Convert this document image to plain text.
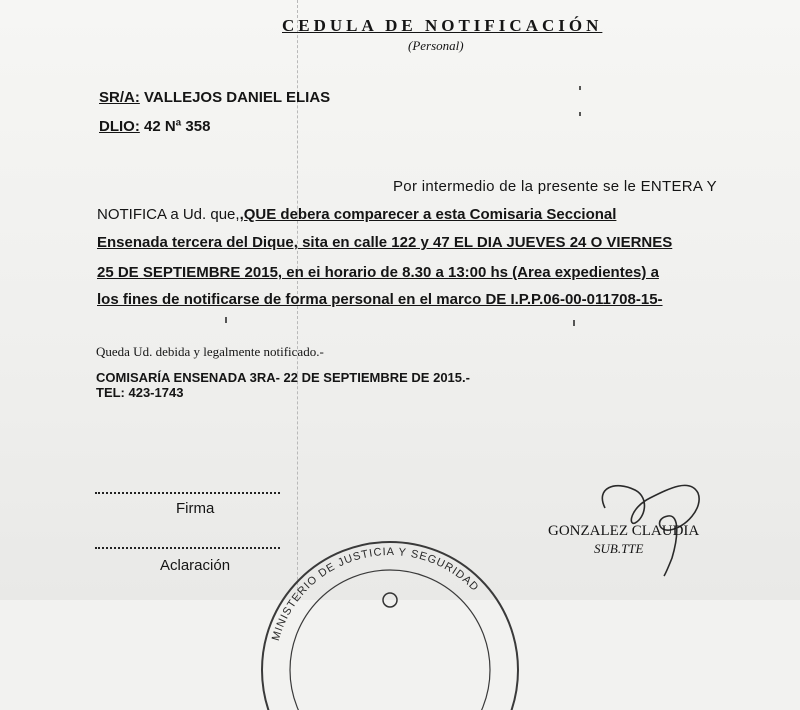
CEDULA DE NOTIFICACIÓN
(Personal)
SR/A: VALLEJOS DANIEL ELIAS
DLIO: 42 Nª 358
Por intermedio de la presente se le ENTERA Y
NOTIFICA a Ud. que,,QUE debera comparecer a esta Comisaria Seccional
Ensenada tercera del Dique, sita en calle 122 y 47 EL DIA JUEVES 24 O VIERNES
25 DE SEPTIEMBRE 2015, en ei horario de 8.30 a 13:00 hs (Area expedientes) a
los fines de notificarse de forma personal en el marco DE I.P.P.06-00-011708-15-
Queda Ud. debida y legalmente notificado.-
COMISARÍA ENSENADA 3RA- 22 DE SEPTIEMBRE DE 2015.-
TEL: 423-1743
Firma
Aclaración
GONZALEZ CLAUDIA
SUB.TTE
MINISTERIO DE JUSTICIA Y SEGURIDAD
